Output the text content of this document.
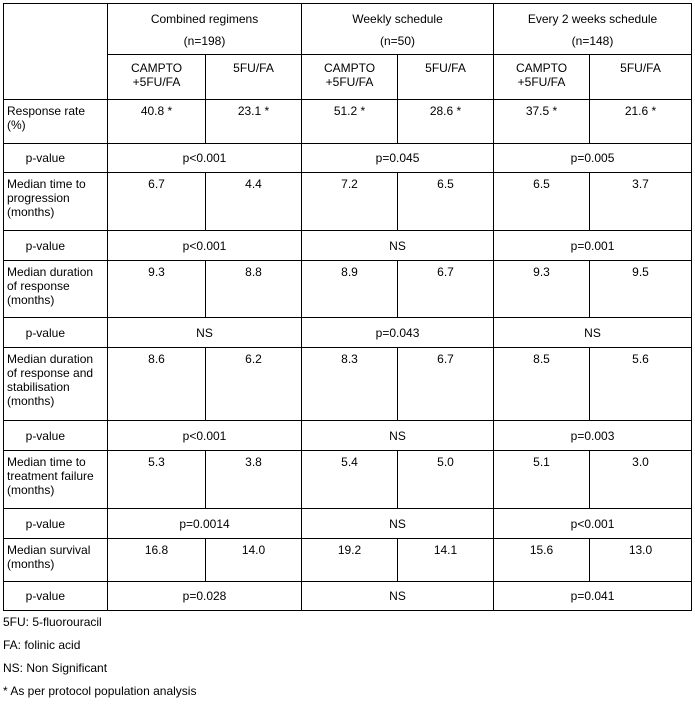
	Combined regimens
(n=198)		Weekly schedule
(n=50)		Every 2 weeks schedule
(n=148)	

	CAMPTO +5FU/FA	5FU/FA	CAMPTO +5FU/FA	5FU/FA	CAMPTO +5FU/FA	5FU/FA
Response rate (%)	40.8 *	23.1 *	51.2 *	28.6 *	37.5 *	21.6 *
p-value	p<0.001		p=0.045		p=0.005	
Median time to progression (months)	6.7	4.4	7.2	6.5	6.5	3.7
p-value	p<0.001		NS		p=0.001	
Median duration of response (months)	9.3	8.8	8.9	6.7	9.3	9.5
p-value	NS		p=0.043		NS	
Median duration of response and stabilisation (months)	8.6	6.2	8.3	6.7	8.5	5.6
p-value	p<0.001		NS		p=0.003	
Median time to treatment failure (months)	5.3	3.8	5.4	5.0	5.1	3.0
p-value	p=0.0014		NS		p<0.001	
Median survival (months)	16.8	14.0	19.2	14.1	15.6	13.0
p-value	p=0.028		NS		p=0.041	
5FU: 5-fluorouracil
FA: folinic acid
NS: Non Significant
* As per protocol population analysis
